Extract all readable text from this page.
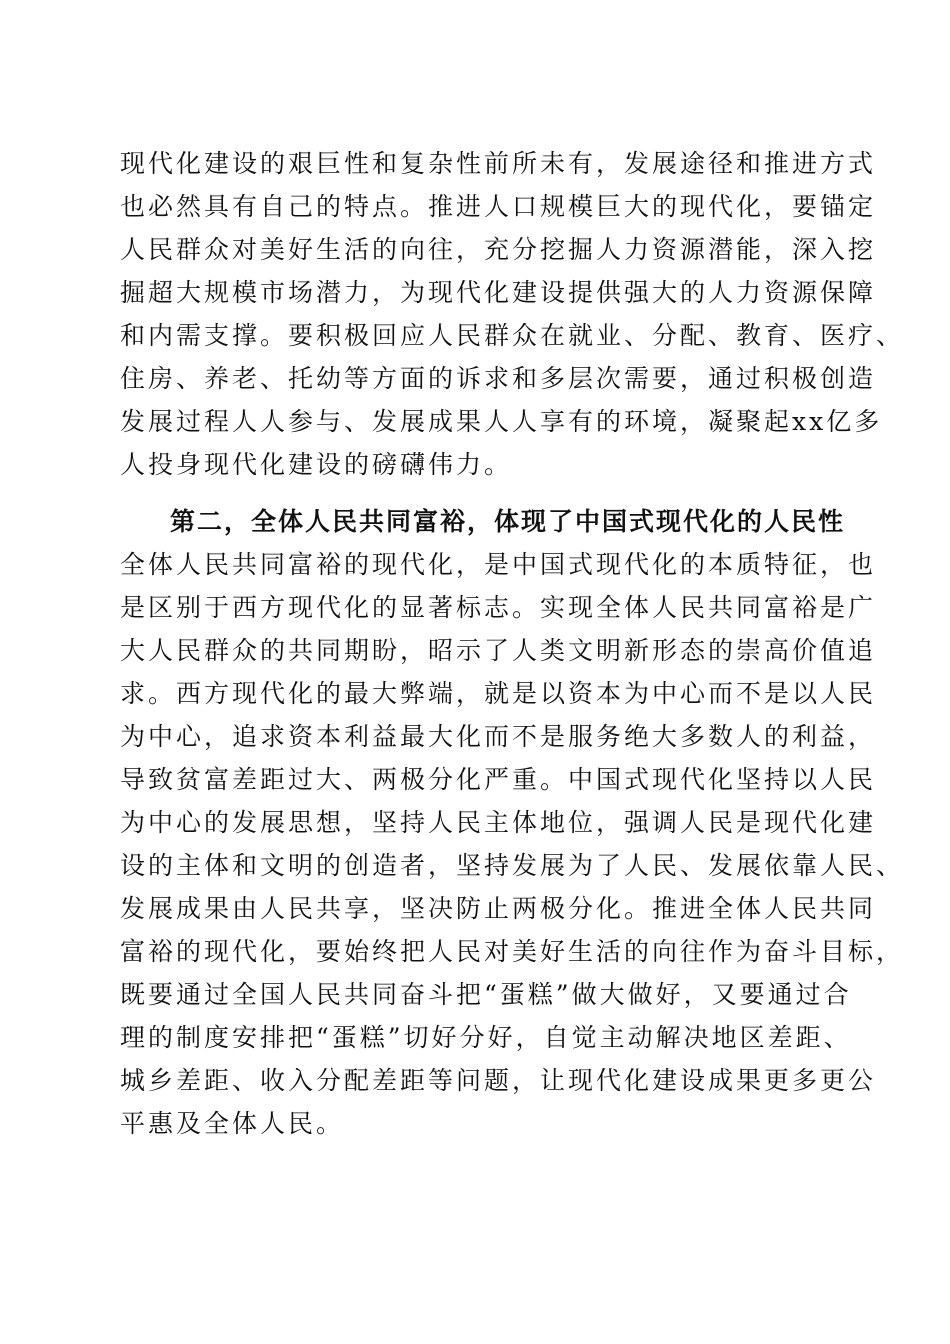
现代化建设的艰巨性和复杂性前所未有，发展途径和推进方式
也必然具有自己的特点。推进人口规模巨大的现代化，要锚定
人民群众对美好生活的向往，充分挖掘人力资源潜能，深入挖
掘超大规模市场潜力，为现代化建设提供强大的人力资源保障
和内需支撑。要积极回应人民群众在就业、分配、教育、医疗、
住房、养老、托幼等方面的诉求和多层次需要，通过积极创造
发展过程人人参与、发展成果人人享有的环境，凝聚起xx亿多
人投身现代化建设的磅礴伟力。
第二，全体人民共同富裕，体现了中国式现代化的人民性
全体人民共同富裕的现代化，是中国式现代化的本质特征，也
是区别于西方现代化的显著标志。实现全体人民共同富裕是广
大人民群众的共同期盼，昭示了人类文明新形态的崇高价值追
求。西方现代化的最大弊端，就是以资本为中心而不是以人民
为中心，追求资本利益最大化而不是服务绝大多数人的利益，
导致贫富差距过大、两极分化严重。中国式现代化坚持以人民
为中心的发展思想，坚持人民主体地位，强调人民是现代化建
设的主体和文明的创造者，坚持发展为了人民、发展依靠人民、
发展成果由人民共享，坚决防止两极分化。推进全体人民共同
富裕的现代化，要始终把人民对美好生活的向往作为奋斗目标，
既要通过全国人民共同奋斗把“蛋糕”做大做好，又要通过合
理的制度安排把“蛋糕”切好分好，自觉主动解决地区差距、
城乡差距、收入分配差距等问题，让现代化建设成果更多更公
平惠及全体人民。
